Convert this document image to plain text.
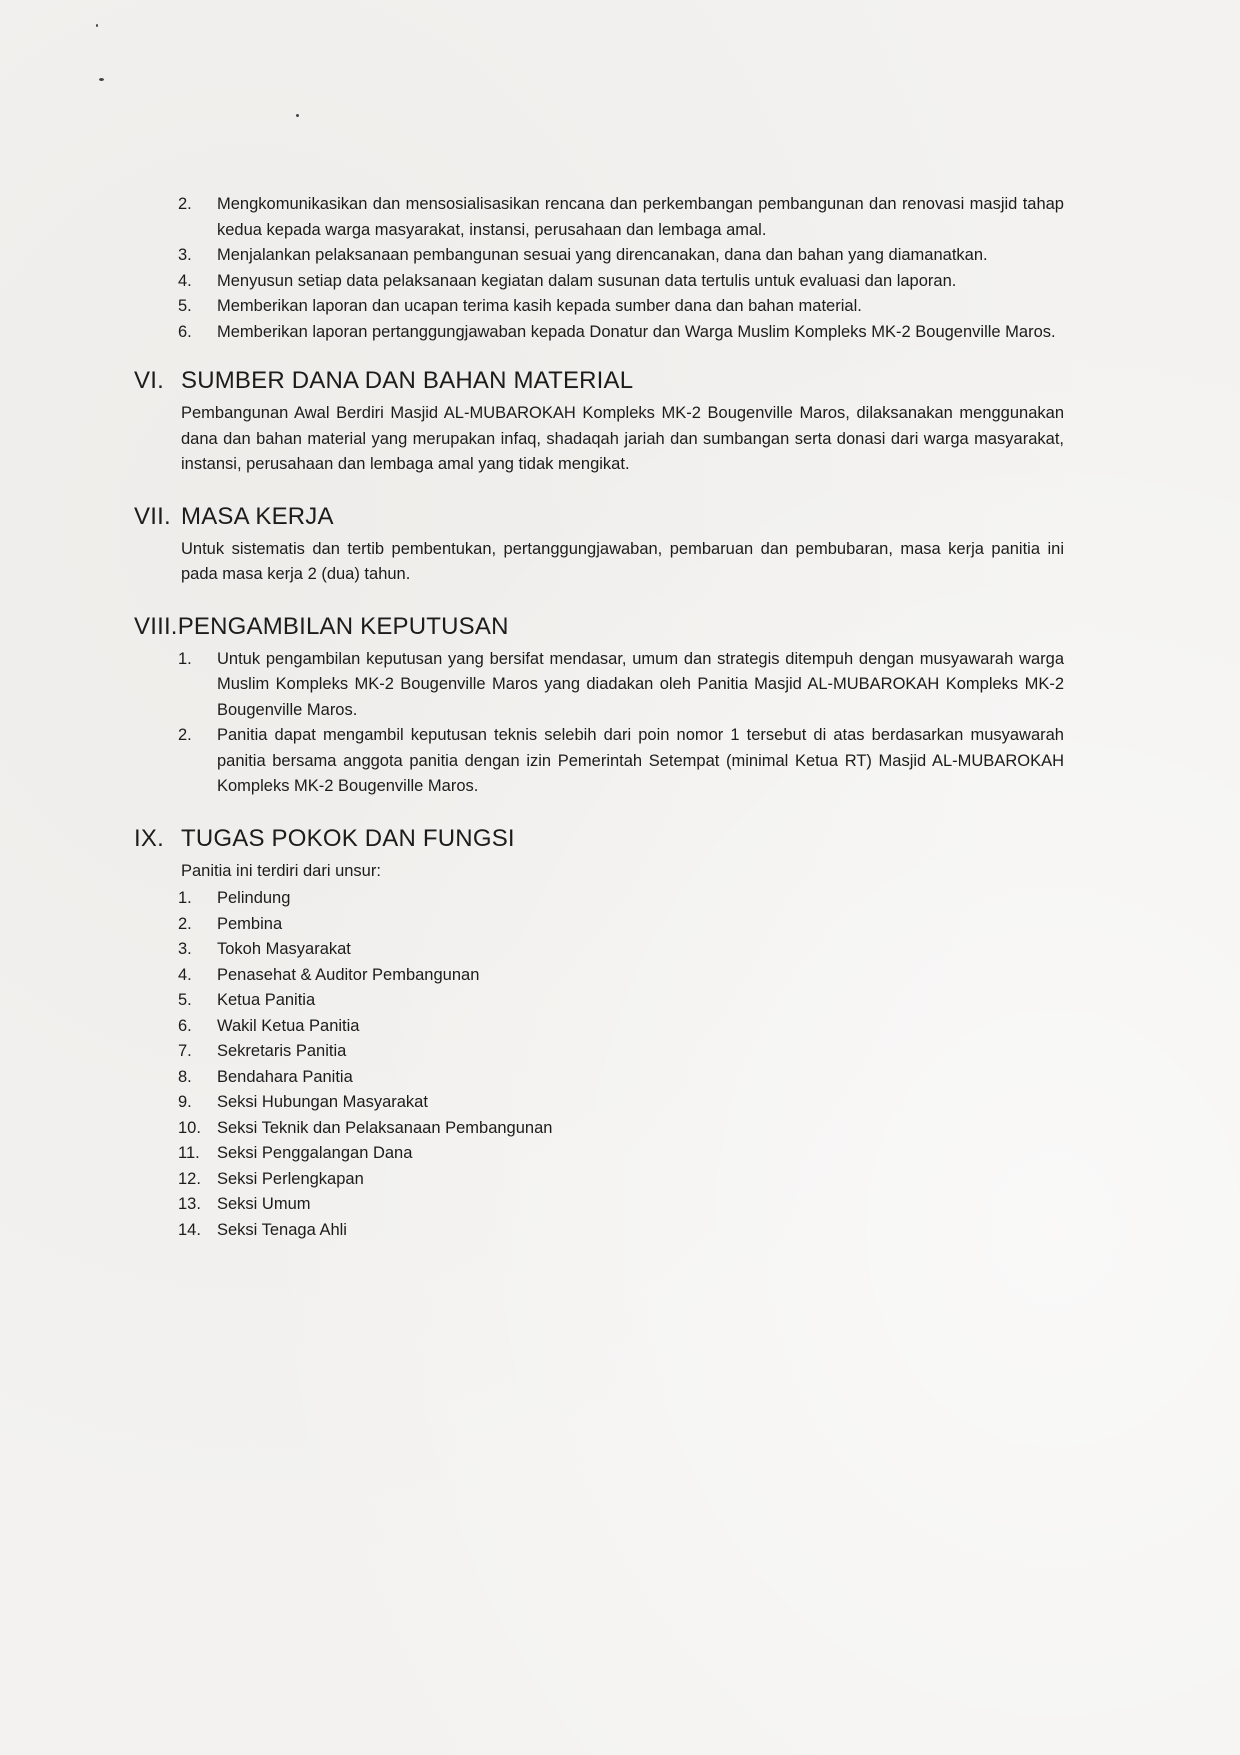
2. Mengkomunikasikan dan mensosialisasikan rencana dan perkembangan pembangunan dan renovasi masjid tahap kedua kepada warga masyarakat, instansi, perusahaan dan lembaga amal.
3. Menjalankan pelaksanaan pembangunan sesuai yang direncanakan, dana dan bahan yang diamanatkan.
4. Menyusun setiap data pelaksanaan kegiatan dalam susunan data tertulis untuk evaluasi dan laporan.
5. Memberikan laporan dan ucapan terima kasih kepada sumber dana dan bahan material.
6. Memberikan laporan pertanggungjawaban kepada Donatur dan Warga Muslim Kompleks MK-2 Bougenville Maros.
VI. SUMBER DANA DAN BAHAN MATERIAL

Pembangunan Awal Berdiri Masjid AL-MUBAROKAH Kompleks MK-2 Bougenville Maros, dilaksanakan menggunakan dana dan bahan material yang merupakan infaq, shadaqah jariah dan sumbangan serta donasi dari warga masyarakat, instansi, perusahaan dan lembaga amal yang tidak mengikat.

VII. MASA KERJA

Untuk sistematis dan tertib pembentukan, pertanggungjawaban, pembaruan dan pembubaran, masa kerja panitia ini pada masa kerja 2 (dua) tahun.

VIII.PENGAMBILAN KEPUTUSAN
1. Untuk pengambilan keputusan yang bersifat mendasar, umum dan strategis ditempuh dengan musyawarah warga Muslim Kompleks MK-2 Bougenville Maros yang diadakan oleh Panitia Masjid AL-MUBAROKAH Kompleks MK-2 Bougenville Maros.
2. Panitia dapat mengambil keputusan teknis selebih dari poin nomor 1 tersebut di atas berdasarkan musyawarah panitia bersama anggota panitia dengan izin Pemerintah Setempat (minimal Ketua RT) Masjid AL-MUBAROKAH Kompleks MK-2 Bougenville Maros.
IX. TUGAS POKOK DAN FUNGSI

Panitia ini terdiri dari unsur:

1. Pelindung
2. Pembina
3. Tokoh Masyarakat
4. Penasehat & Auditor Pembangunan
5. Ketua Panitia
6. Wakil Ketua Panitia
7. Sekretaris Panitia
8. Bendahara Panitia
9. Seksi Hubungan Masyarakat
10. Seksi Teknik dan Pelaksanaan Pembangunan
11. Seksi Penggalangan Dana
12. Seksi Perlengkapan
13. Seksi Umum
14. Seksi Tenaga Ahli
